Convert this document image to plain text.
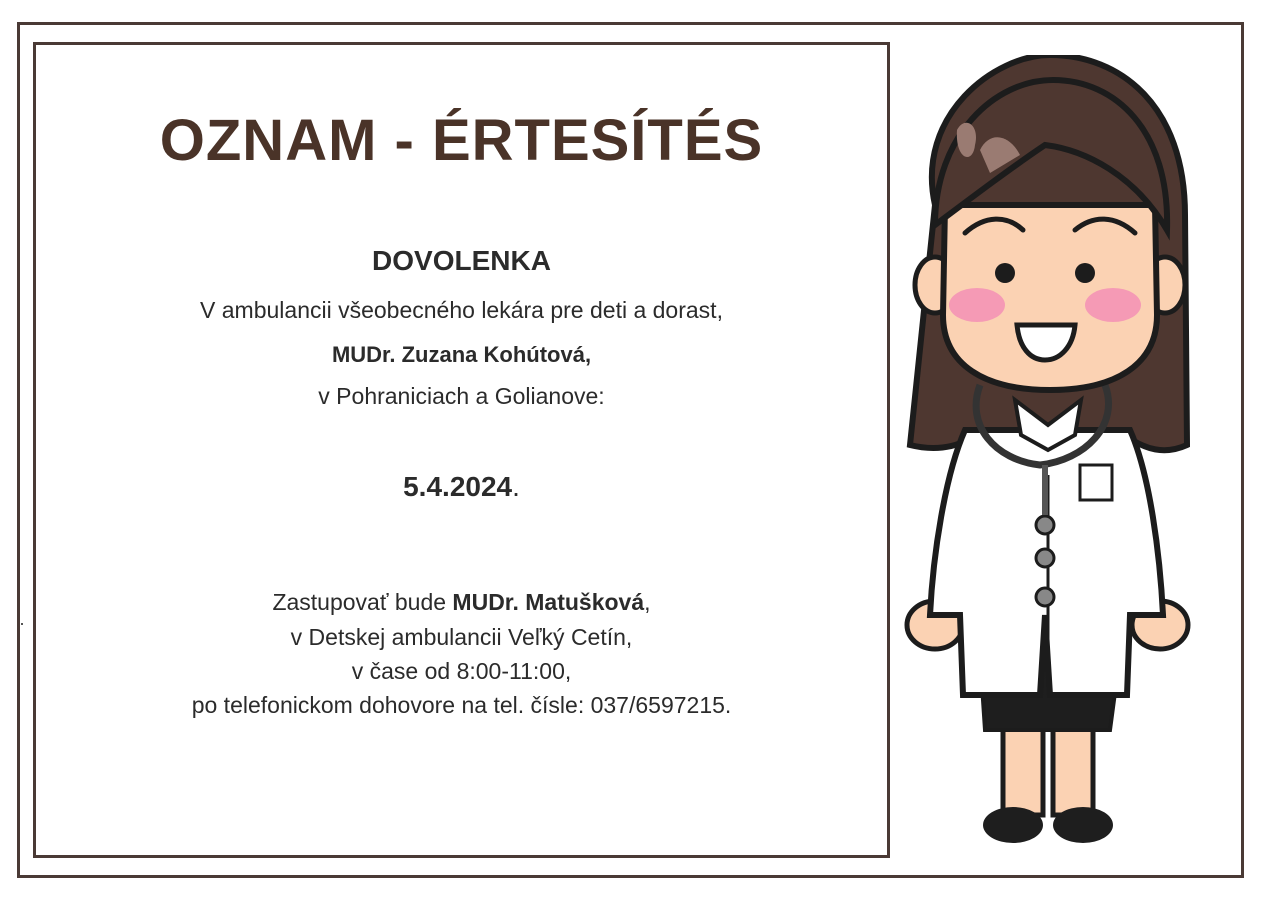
OZNAM - ÉRTESÍTÉS
DOVOLENKA
V ambulancii všeobecného lekára pre deti a dorast,
MUDr. Zuzana Kohútová,
v Pohraniciach a Golianove:
5.4.2024.
Zastupovať bude MUDr. Matušková,
v Detskej ambulancii Veľký Cetín,
v čase od 8:00-11:00,
po telefonickom dohovore na tel. čísle: 037/6597215.
